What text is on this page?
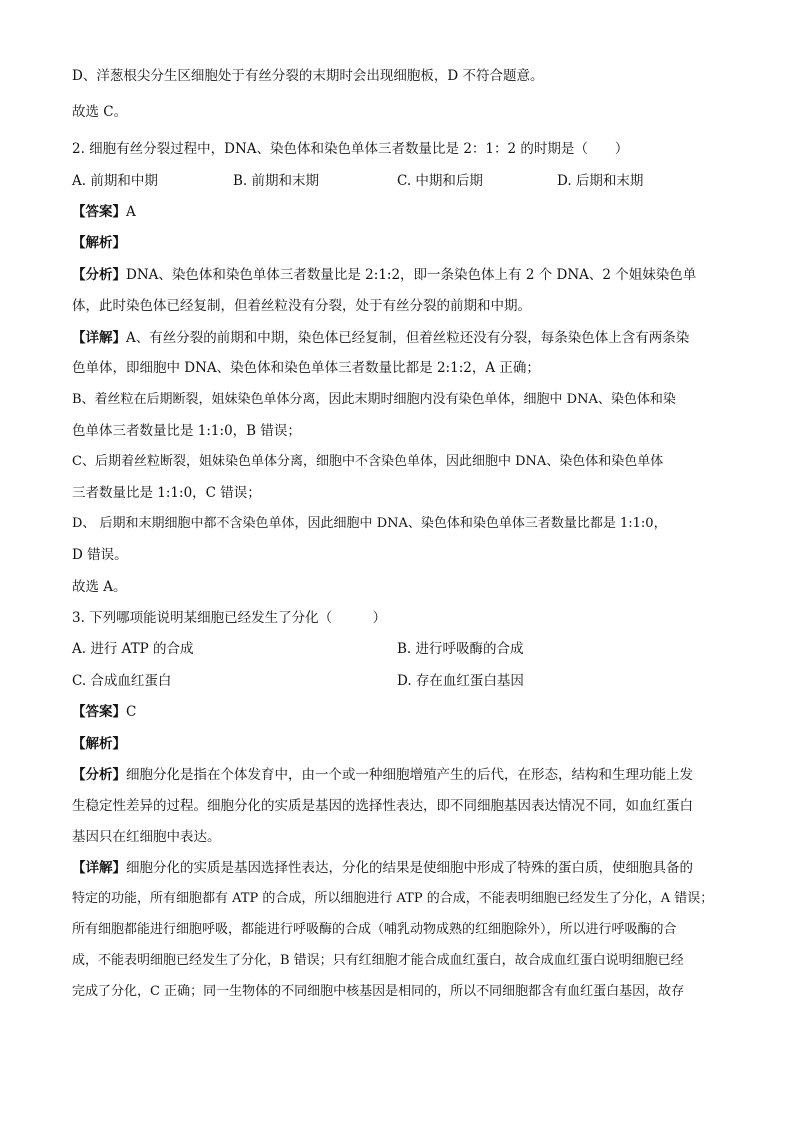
D、洋葱根尖分生区细胞处于有丝分裂的末期时会出现细胞板，D 不符合题意。
故选 C。
2. 细胞有丝分裂过程中，DNA、染色体和染色单体三者数量比是 2：1：2 的时期是（　　）
A. 前期和中期	B. 前期和末期	C. 中期和后期	D. 后期和末期
【答案】A
【解析】
【分析】DNA、染色体和染色单体三者数量比是 2:1:2，即一条染色体上有 2 个 DNA、2 个姐妹染色单
体，此时染色体已经复制，但着丝粒没有分裂，处于有丝分裂的前期和中期。
【详解】A、有丝分裂的前期和中期，染色体已经复制，但着丝粒还没有分裂，每条染色体上含有两条染
色单体，即细胞中 DNA、染色体和染色单体三者数量比都是 2:1:2，A 正确；
B、着丝粒在后期断裂，姐妹染色单体分离，因此末期时细胞内没有染色单体，细胞中 DNA、染色体和染
色单体三者数量比是 1:1:0，B 错误；
C、后期着丝粒断裂，姐妹染色单体分离，细胞中不含染色单体，因此细胞中 DNA、染色体和染色单体
三者数量比是 1:1:0，C 错误；
D、 后期和末期细胞中都不含染色单体，因此细胞中 DNA、染色体和染色单体三者数量比都是 1:1:0，
D 错误。
故选 A。
3. 下列哪项能说明某细胞已经发生了分化（　　　）
A. 进行 ATP 的合成	B. 进行呼吸酶的合成
C. 合成血红蛋白	D. 存在血红蛋白基因
【答案】C
【解析】
【分析】细胞分化是指在个体发育中，由一个或一种细胞增殖产生的后代，在形态，结构和生理功能上发
生稳定性差异的过程。细胞分化的实质是基因的选择性表达，即不同细胞基因表达情况不同，如血红蛋白
基因只在红细胞中表达。
【详解】细胞分化的实质是基因选择性表达，分化的结果是使细胞中形成了特殊的蛋白质，使细胞具备的
特定的功能，所有细胞都有 ATP 的合成，所以细胞进行 ATP 的合成，不能表明细胞已经发生了分化，A 错误；
所有细胞都能进行细胞呼吸，都能进行呼吸酶的合成（哺乳动物成熟的红细胞除外），所以进行呼吸酶的合
成，不能表明细胞已经发生了分化，B 错误；只有红细胞才能合成血红蛋白，故合成血红蛋白说明细胞已经
完成了分化，C 正确；同一生物体的不同细胞中核基因是相同的，所以不同细胞都含有血红蛋白基因，故存
